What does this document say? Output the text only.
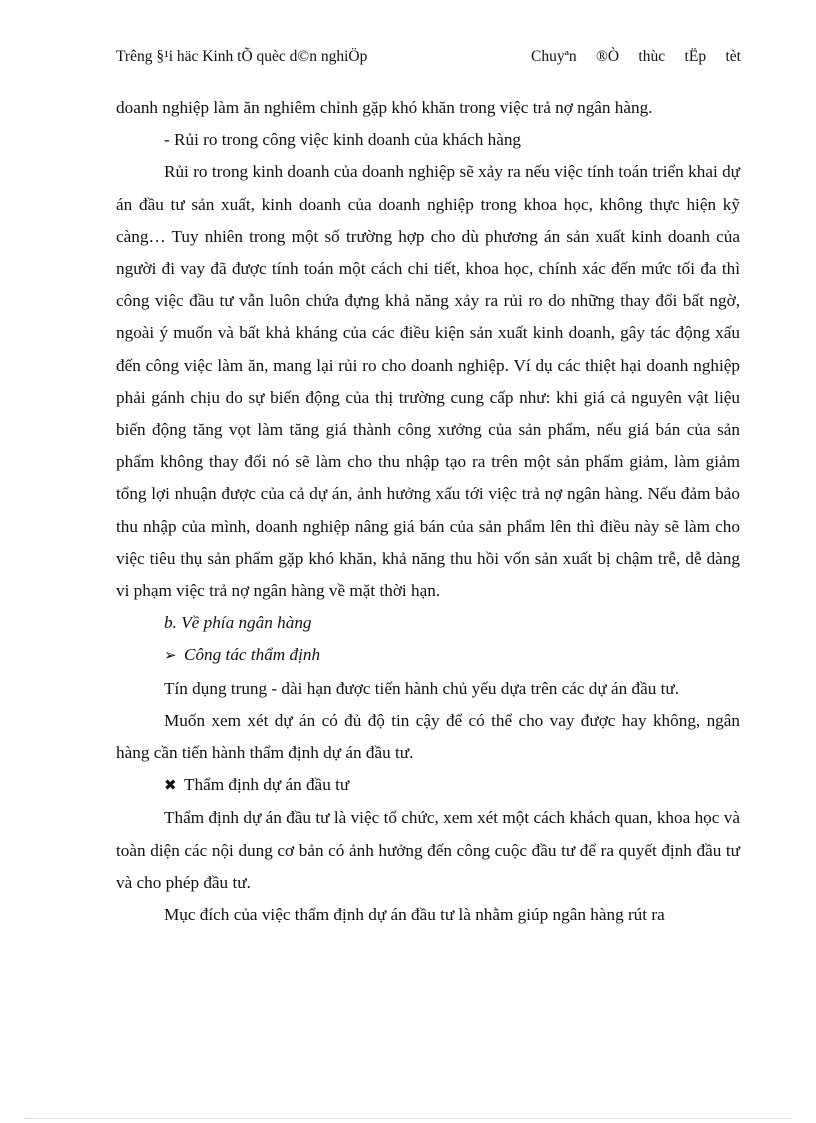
Trêng §¹i häc Kinh tÕ quèc d©n nghiÖp	Chuyªn ®Ò thùc tËp tèt

doanh nghiệp làm ăn nghiêm chỉnh gặp khó khăn trong việc trả nợ ngân hàng.

- Rủi ro trong công việc kinh doanh của khách hàng

Rủi ro trong kinh doanh của doanh nghiệp sẽ xảy ra nếu việc tính toán triển khai dự án đầu tư sản xuất, kinh doanh của doanh nghiệp trong khoa học, không thực hiện kỹ càng… Tuy nhiên trong một số trường hợp cho dù phương án sản xuất kinh doanh của người đi vay đã được tính toán một cách chi tiết, khoa học, chính xác đến mức tối đa thì công việc đầu tư vẫn luôn chứa đựng khả năng xảy ra rủi ro do những thay đổi bất ngờ, ngoài ý muốn và bất khả kháng của các điều kiện sản xuất kinh doanh, gây tác động xấu đến công việc làm ăn, mang lại rủi ro cho doanh nghiệp. Ví dụ các thiệt hại doanh nghiệp phải gánh chịu do sự biến động của thị trường cung cấp như: khi giá cả nguyên vật liệu biến động tăng vọt làm tăng giá thành công xưởng của sản phẩm, nếu giá bán của sản phẩm không thay đổi nó sẽ làm cho thu nhập tạo ra trên một sản phẩm giảm, làm giảm tổng lợi nhuận được của cả dự án, ảnh hưởng xấu tới việc trả nợ ngân hàng. Nếu đảm bảo thu nhập của mình, doanh nghiệp nâng giá bán của sản phẩm lên thì điều này sẽ làm cho việc tiêu thụ sản phẩm gặp khó khăn, khả năng thu hồi vốn sản xuất bị chậm trễ, dễ dàng vi phạm việc trả nợ ngân hàng về mặt thời hạn.

b. Về phía ngân hàng

➢ Công tác thẩm định

Tín dụng trung - dài hạn được tiến hành chủ yếu dựa trên các dự án đầu tư.

Muốn xem xét dự án có đủ độ tin cậy để có thể cho vay được hay không, ngân hàng cần tiến hành thẩm định dự án đầu tư.

✖ Thẩm định dự án đầu tư

Thẩm định dự án đầu tư là việc tổ chức, xem xét một cách khách quan, khoa học và toàn diện các nội dung cơ bản có ảnh hưởng đến công cuộc đầu tư để ra quyết định đầu tư và cho phép đầu tư.

Mục đích của việc thẩm định dự án đầu tư là nhằm giúp ngân hàng rút ra
